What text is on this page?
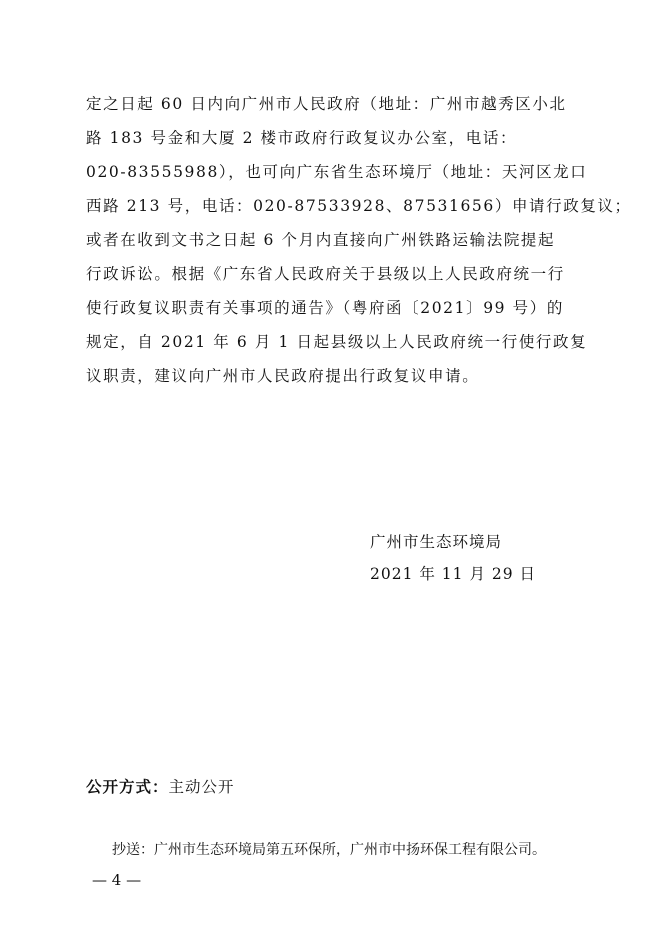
定之日起 60 日内向广州市人民政府（地址：广州市越秀区小北
路 183 号金和大厦 2 楼市政府行政复议办公室，电话：
020-83555988），也可向广东省生态环境厅（地址：天河区龙口
西路 213 号，电话：020-87533928、87531656）申请行政复议；
或者在收到文书之日起 6 个月内直接向广州铁路运输法院提起
行政诉讼。根据《广东省人民政府关于县级以上人民政府统一行
使行政复议职责有关事项的通告》（粤府函〔2021〕99 号）的
规定，自 2021 年 6 月 1 日起县级以上人民政府统一行使行政复
议职责，建议向广州市人民政府提出行政复议申请。
广州市生态环境局
2021 年 11 月 29 日
公开方式：主动公开
抄送：广州市生态环境局第五环保所，广州市中扬环保工程有限公司。
— 4 —
